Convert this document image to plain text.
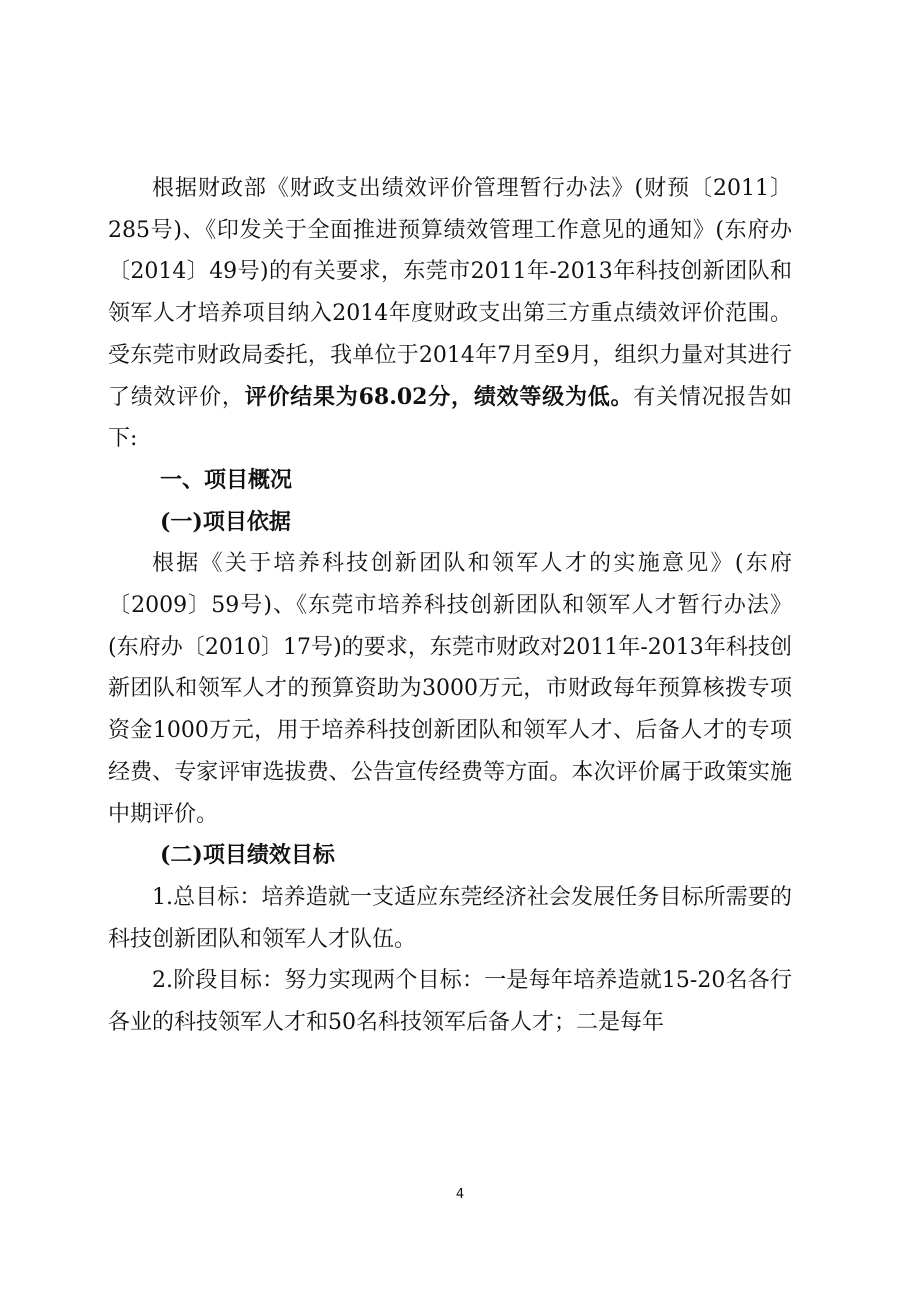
根据财政部《财政支出绩效评价管理暂行办法》(财预〔2011〕285号)、《印发关于全面推进预算绩效管理工作意见的通知》(东府办〔2014〕49号)的有关要求，东莞市2011年-2013年科技创新团队和领军人才培养项目纳入2014年度财政支出第三方重点绩效评价范围。受东莞市财政局委托，我单位于2014年7月至9月，组织力量对其进行了绩效评价，评价结果为68.02分，绩效等级为低。有关情况报告如下:

一、项目概况

(一)项目依据

根据《关于培养科技创新团队和领军人才的实施意见》(东府〔2009〕59号)、《东莞市培养科技创新团队和领军人才暂行办法》(东府办〔2010〕17号)的要求，东莞市财政对2011年-2013年科技创新团队和领军人才的预算资助为3000万元，市财政每年预算核拨专项资金1000万元，用于培养科技创新团队和领军人才、后备人才的专项经费、专家评审选拔费、公告宣传经费等方面。本次评价属于政策实施中期评价。

(二)项目绩效目标

1.总目标：培养造就一支适应东莞经济社会发展任务目标所需要的科技创新团队和领军人才队伍。

2.阶段目标：努力实现两个目标：一是每年培养造就15-20名各行各业的科技领军人才和50名科技领军后备人才；二是每年

4
